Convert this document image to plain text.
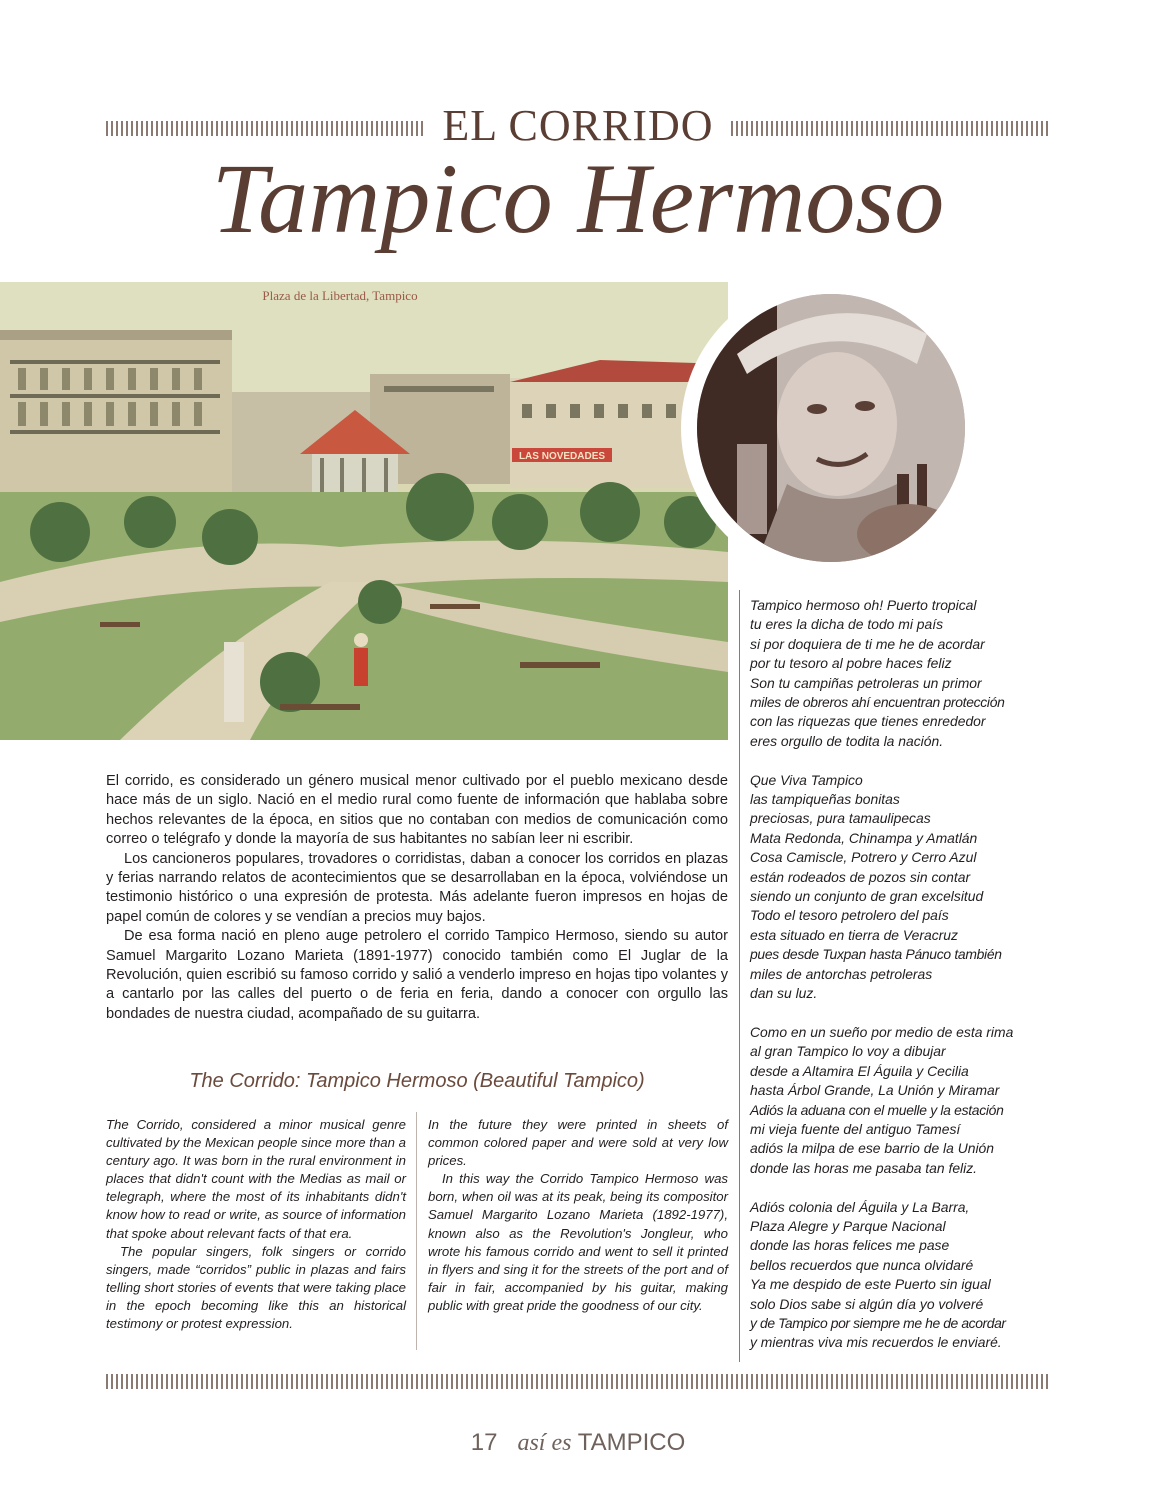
EL CORRIDO
Tampico Hermoso
LAS NOVEDADES
Plaza de la Libertad, Tampico

El corrido, es considerado un género musical menor cultivado por el pueblo mexicano desde hace más de un siglo. Nació en el medio rural como fuente de información que hablaba sobre hechos relevantes de la época, en sitios que no contaban con medios de comunicación como correo o telégrafo y donde la mayoría de sus habitantes no sabían leer ni escribir.

Los cancioneros populares, trovadores o corridistas, daban a conocer los corridos en plazas y ferias narrando relatos de acontecimientos que se desarrollaban en la época, volviéndose un testimonio histórico o una expresión de protesta. Más adelante fueron impresos en hojas de papel común de colores y se vendían a precios muy bajos.

De esa forma nació en pleno auge petrolero el corrido Tampico Hermoso, siendo su autor Samuel Margarito Lozano Marieta (1891-1977) conocido también como El Juglar de la Revolución, quien escribió su famoso corrido y salió a venderlo impreso en hojas tipo volantes y a cantarlo por las calles del puerto o de feria en feria, dando a conocer con orgullo las bondades de nuestra ciudad, acompañado de su guitarra.

The Corrido: Tampico Hermoso (Beautiful Tampico)

The Corrido, considered a minor musical genre cultivated by the Mexican people since more than a century ago. It was born in the rural environment in places that didn't count with the Medias as mail or telegraph, where the most of its inhabitants didn't know how to read or write, as source of information that spoke about relevant facts of that era.

The popular singers, folk singers or corrido singers, made “corridos” public in plazas and fairs telling short stories of events that were taking place in the epoch becoming like this an historical testimony or protest expression.

In the future they were printed in sheets of common colored paper and were sold at very low prices.

In this way the Corrido Tampico Hermoso was born, when oil was at its peak, being its compositor Samuel Margarito Lozano Marieta (1892-1977), known also as the Revolution's Jongleur, who wrote his famous corrido and went to sell it printed in flyers and sing it for the streets of the port and of fair in fair, accompanied by his guitar, making public with great pride the goodness of our city.

Tampico hermoso oh! Puerto tropical
tu eres la dicha de todo mi país
si por doquiera de ti me he de acordar
por tu tesoro al pobre haces feliz
Son tu campiñas petroleras un primor
miles de obreros ahí encuentran protección
con las riquezas que tienes enrededor
eres orgullo de todita la nación.
Que Viva Tampico
las tampiqueñas bonitas
preciosas, pura tamaulipecas
Mata Redonda, Chinampa y Amatlán
Cosa Camiscle, Potrero y Cerro Azul
están rodeados de pozos sin contar
siendo un conjunto de gran excelsitud
Todo el tesoro petrolero del país
esta situado en tierra de Veracruz
pues desde Tuxpan hasta Pánuco también
miles de antorchas petroleras
dan su luz.
Como en un sueño por medio de esta rima
al gran Tampico lo voy a dibujar
desde a Altamira El Águila y Cecilia
hasta Árbol Grande, La Unión y Miramar
Adiós la aduana con el muelle y la estación
mi vieja fuente del antiguo Tamesí
adiós la milpa de ese barrio de la Unión
donde las horas me pasaba tan feliz.
Adiós colonia del Águila y La Barra,
Plaza Alegre y Parque Nacional
donde las horas felices me pase
bellos recuerdos que nunca olvidaré
Ya me despido de este Puerto sin igual
solo Dios sabe si algún día yo volveré
y de Tampico por siempre me he de acordar
y mientras viva mis recuerdos le enviaré.
17 así es TAMPICO
